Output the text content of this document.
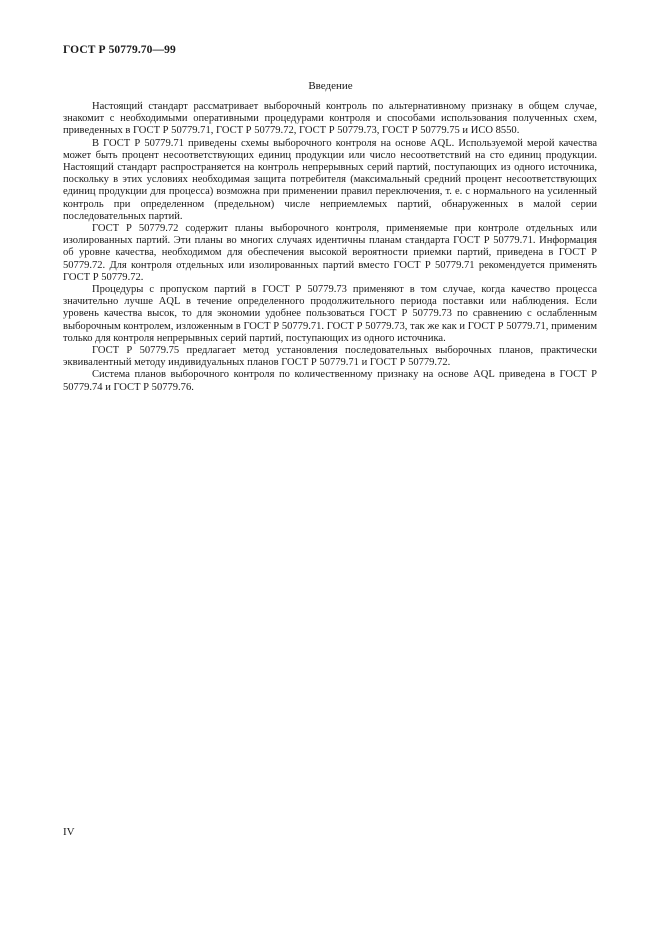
ГОСТ Р 50779.70—99
Введение

Настоящий стандарт рассматривает выборочный контроль по альтернативному признаку в общем случае, знакомит с необходимыми оперативными процедурами контроля и способами использования полученных схем, приведенных в ГОСТ Р 50779.71, ГОСТ Р 50779.72, ГОСТ Р 50779.73, ГОСТ Р 50779.75 и ИСО 8550.

В ГОСТ Р 50779.71 приведены схемы выборочного контроля на основе AQL. Используемой мерой качества может быть процент несоответствующих единиц продукции или число несоответствий на сто единиц продукции. Настоящий стандарт распространяется на контроль непрерывных серий партий, поступающих из одного источника, поскольку в этих условиях необходимая защита потребителя (максимальный средний процент несоответствующих единиц продукции для процесса) возможна при применении правил переключения, т. е. с нормального на усиленный контроль при определенном (предельном) числе неприемлемых партий, обнаруженных в малой серии последовательных партий.

ГОСТ Р 50779.72 содержит планы выборочного контроля, применяемые при контроле отдельных или изолированных партий. Эти планы во многих случаях идентичны планам стандарта ГОСТ Р 50779.71. Информация об уровне качества, необходимом для обеспечения высокой вероятности приемки партий, приведена в ГОСТ Р 50779.72. Для контроля отдельных или изолированных партий вместо ГОСТ Р 50779.71 рекомендуется применять ГОСТ Р 50779.72.

Процедуры с пропуском партий в ГОСТ Р 50779.73 применяют в том случае, когда качество процесса значительно лучше AQL в течение определенного продолжительного периода поставки или наблюдения. Если уровень качества высок, то для экономии удобнее пользоваться ГОСТ Р 50779.73 по сравнению с ослабленным выборочным контролем, изложенным в ГОСТ Р 50779.71. ГОСТ Р 50779.73, так же как и ГОСТ Р 50779.71, применим только для контроля непрерывных серий партий, поступающих из одного источника.

ГОСТ Р 50779.75 предлагает метод установления последовательных выборочных планов, практически эквивалентный методу индивидуальных планов ГОСТ Р 50779.71 и ГОСТ Р 50779.72.

Система планов выборочного контроля по количественному признаку на основе AQL приведена в ГОСТ Р 50779.74 и ГОСТ Р 50779.76.

IV
